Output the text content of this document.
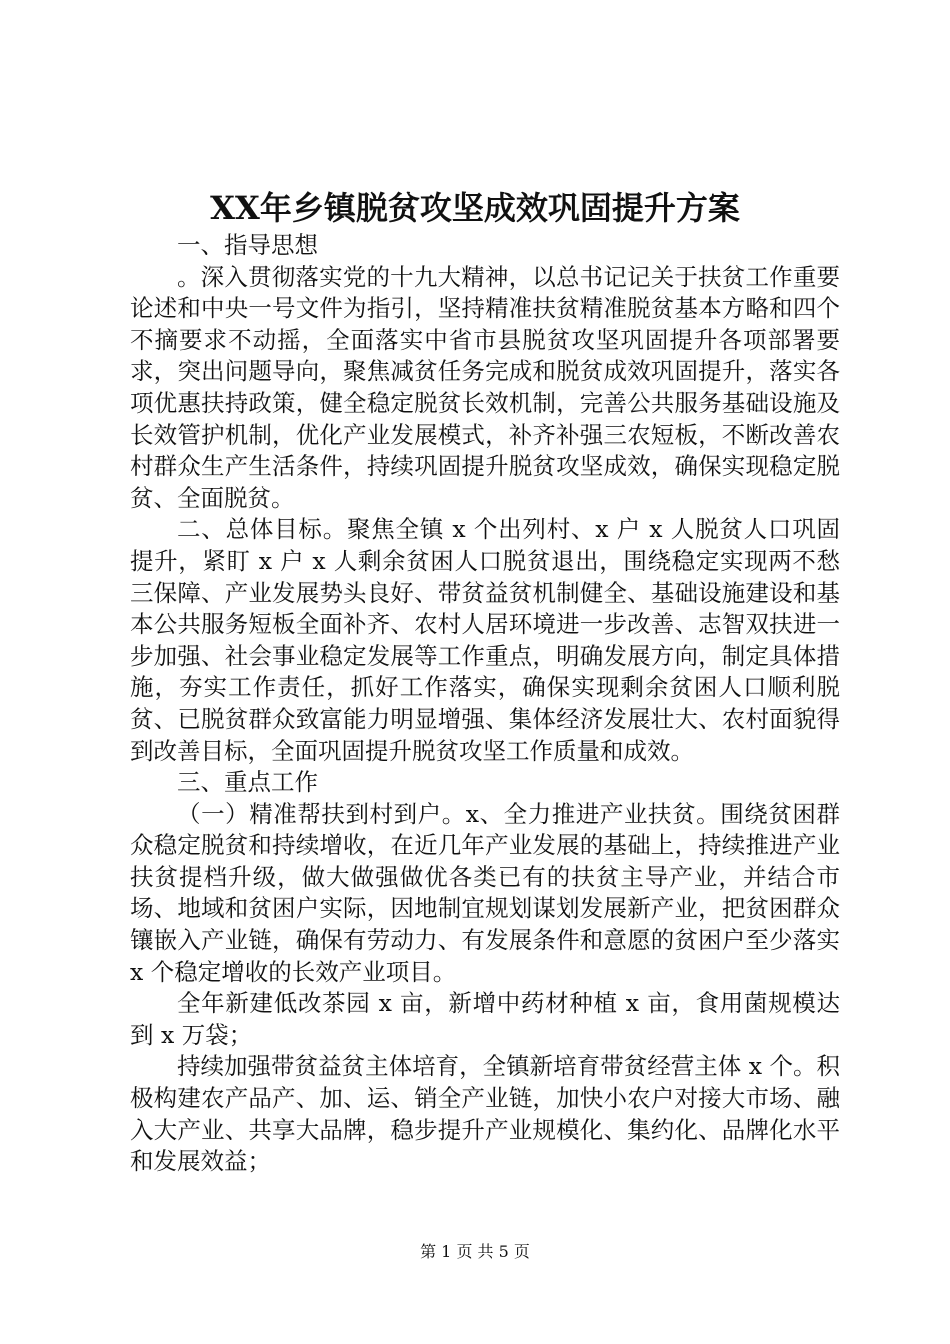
XX年乡镇脱贫攻坚成效巩固提升方案

一、指导思想

。深入贯彻落实党的十九大精神，以总书记记关于扶贫工作重要论述和中央一号文件为指引，坚持精准扶贫精准脱贫基本方略和四个不摘要求不动摇，全面落实中省市县脱贫攻坚巩固提升各项部署要求，突出问题导向，聚焦减贫任务完成和脱贫成效巩固提升，落实各项优惠扶持政策，健全稳定脱贫长效机制，完善公共服务基础设施及长效管护机制，优化产业发展模式，补齐补强三农短板，不断改善农村群众生产生活条件，持续巩固提升脱贫攻坚成效，确保实现稳定脱贫、全面脱贫。

二、总体目标。聚焦全镇 x 个出列村、x 户 x 人脱贫人口巩固提升，紧盯 x 户 x 人剩余贫困人口脱贫退出，围绕稳定实现两不愁三保障、产业发展势头良好、带贫益贫机制健全、基础设施建设和基本公共服务短板全面补齐、农村人居环境进一步改善、志智双扶进一步加强、社会事业稳定发展等工作重点，明确发展方向，制定具体措施，夯实工作责任，抓好工作落实，确保实现剩余贫困人口顺利脱贫、已脱贫群众致富能力明显增强、集体经济发展壮大、农村面貌得到改善目标，全面巩固提升脱贫攻坚工作质量和成效。

三、重点工作

（一）精准帮扶到村到户。x、全力推进产业扶贫。围绕贫困群众稳定脱贫和持续增收，在近几年产业发展的基础上，持续推进产业扶贫提档升级，做大做强做优各类已有的扶贫主导产业，并结合市场、地域和贫困户实际，因地制宜规划谋划发展新产业，把贫困群众镶嵌入产业链，确保有劳动力、有发展条件和意愿的贫困户至少落实 x 个稳定增收的长效产业项目。

全年新建低改茶园 x 亩，新增中药材种植 x 亩，食用菌规模达到 x 万袋；

持续加强带贫益贫主体培育，全镇新培育带贫经营主体 x 个。积极构建农产品产、加、运、销全产业链，加快小农户对接大市场、融入大产业、共享大品牌，稳步提升产业规模化、集约化、品牌化水平和发展效益；

第 1 页 共 5 页
